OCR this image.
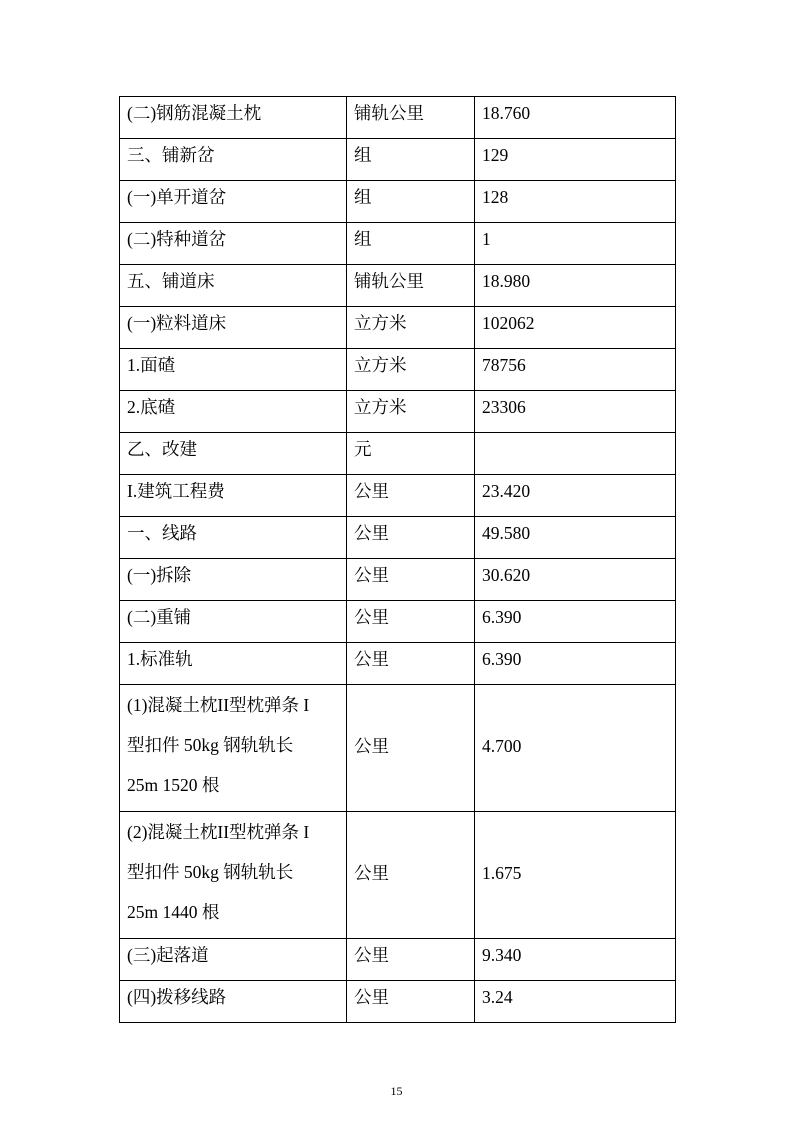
(二)钢筋混凝土枕	铺轨公里	18.760
三、铺新岔	组	129
(一)单开道岔	组	128
(二)特种道岔	组	1
五、铺道床	铺轨公里	18.980
(一)粒料道床	立方米	102062
1.面碴	立方米	78756
2.底碴	立方米	23306
乙、改建	元	
I.建筑工程费	公里	23.420
一、线路	公里	49.580
(一)拆除	公里	30.620
(二)重铺	公里	6.390
1.标准轨	公里	6.390
(1)混凝土枕II型枕弹条 I
型扣件 50kg 钢轨轨长
25m 1520 根	公里	4.700
(2)混凝土枕II型枕弹条 I
型扣件 50kg 钢轨轨长
25m 1440 根	公里	1.675
(三)起落道	公里	9.340
(四)拨移线路	公里	3.24
15
